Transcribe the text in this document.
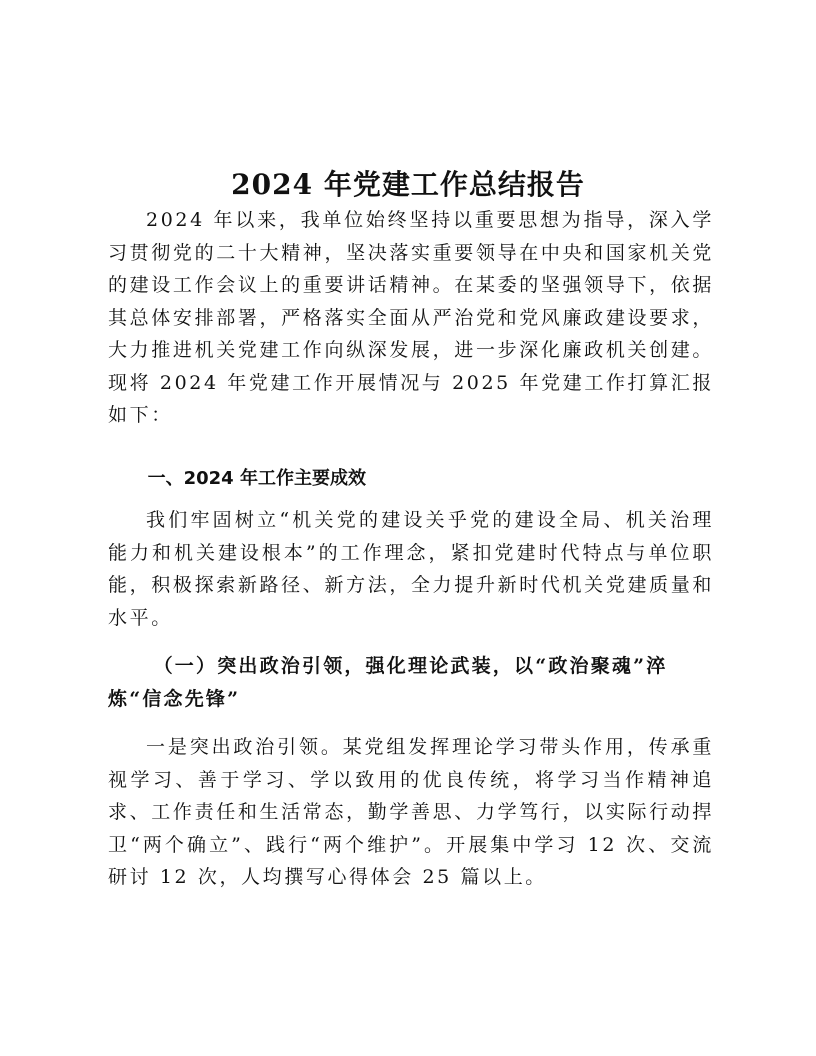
2024 年党建工作总结报告

2024 年以来，我单位始终坚持以重要思想为指导，深入学习贯彻党的二十大精神，坚决落实重要领导在中央和国家机关党的建设工作会议上的重要讲话精神。在某委的坚强领导下，依据其总体安排部署，严格落实全面从严治党和党风廉政建设要求，大力推进机关党建工作向纵深发展，进一步深化廉政机关创建。现将 2024 年党建工作开展情况与 2025 年党建工作打算汇报如下：

一、2024 年工作主要成效

我们牢固树立“机关党的建设关乎党的建设全局、机关治理能力和机关建设根本”的工作理念，紧扣党建时代特点与单位职能，积极探索新路径、新方法，全力提升新时代机关党建质量和水平。

（一）突出政治引领，强化理论武装，以“政治聚魂”淬炼“信念先锋”

一是突出政治引领。某党组发挥理论学习带头作用，传承重视学习、善于学习、学以致用的优良传统，将学习当作精神追求、工作责任和生活常态，勤学善思、力学笃行，以实际行动捍卫“两个确立”、践行“两个维护”。开展集中学习 12 次、交流研讨 12 次，人均撰写心得体会 25 篇以上。
